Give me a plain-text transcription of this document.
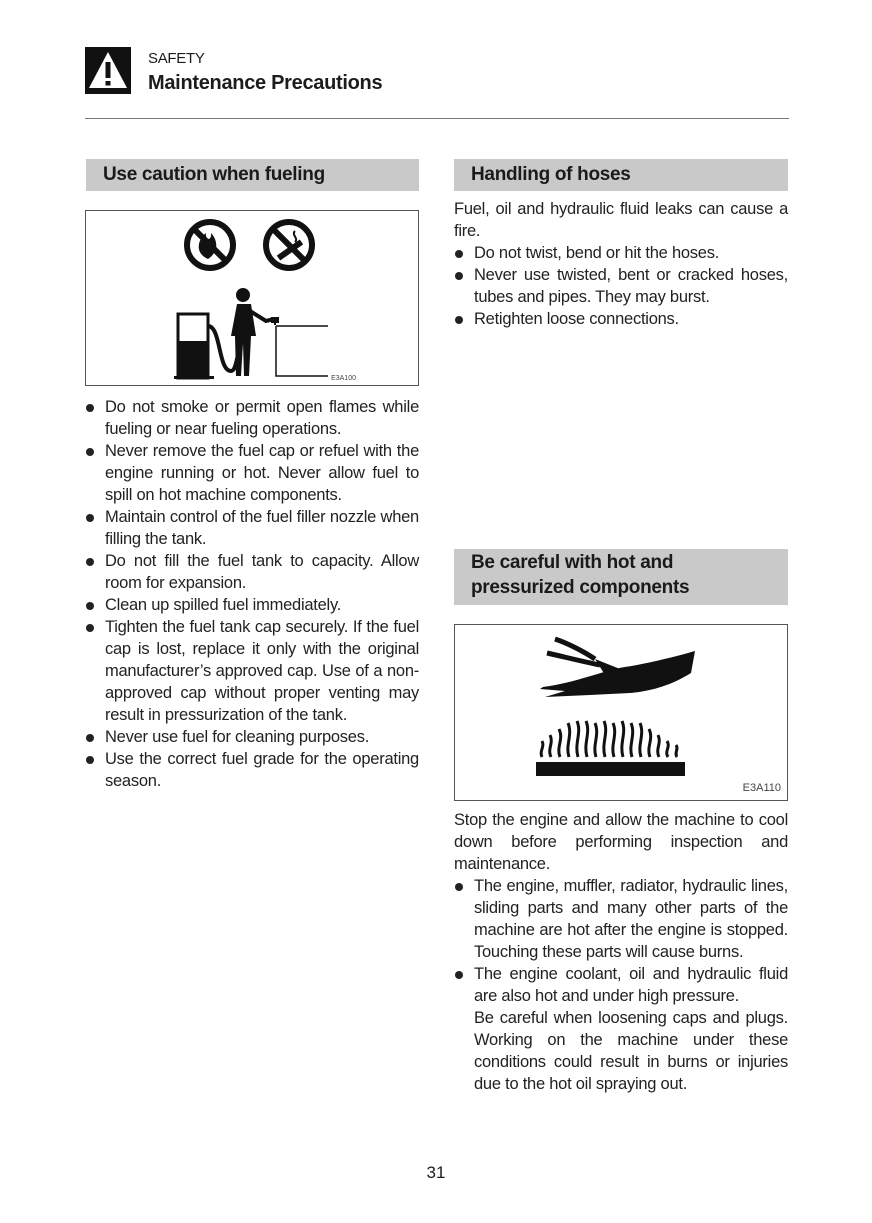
SAFETY
Maintenance Precautions
Use caution when fueling
E3A100
Do not smoke or permit open flames while fueling or near fueling operations.
Never remove the fuel cap or refuel with the engine running or hot. Never allow fuel to spill on hot machine components.
Maintain control of the fuel filler nozzle when filling the tank.
Do not fill the fuel tank to capacity. Allow room for expansion.
Clean up spilled fuel immediately.
Tighten the fuel tank cap securely. If the fuel cap is lost, replace it only with the original manufacturer’s approved cap. Use of a non-approved cap without proper venting may result in pressurization of the tank.
Never use fuel for cleaning purposes.
Use the correct fuel grade for the operating season.
Handling of hoses

Fuel, oil and hydraulic fluid leaks can cause a fire.

Do not twist, bend or hit the hoses.
Never use twisted, bent or cracked hoses, tubes and pipes. They may burst.
Retighten loose connections.
Be careful with hot and
pressurized components
E3A110

Stop the engine and allow the machine to cool down before performing inspection and maintenance.

The engine, muffler, radiator, hydraulic lines, sliding parts and many other parts of the machine are hot after the engine is stopped. Touching these parts will cause burns.
The engine coolant, oil and hydraulic fluid are also hot and under high pressure.
Be careful when loosening caps and plugs. Working on the machine under these conditions could result in burns or injuries due to the hot oil spraying out.
31
